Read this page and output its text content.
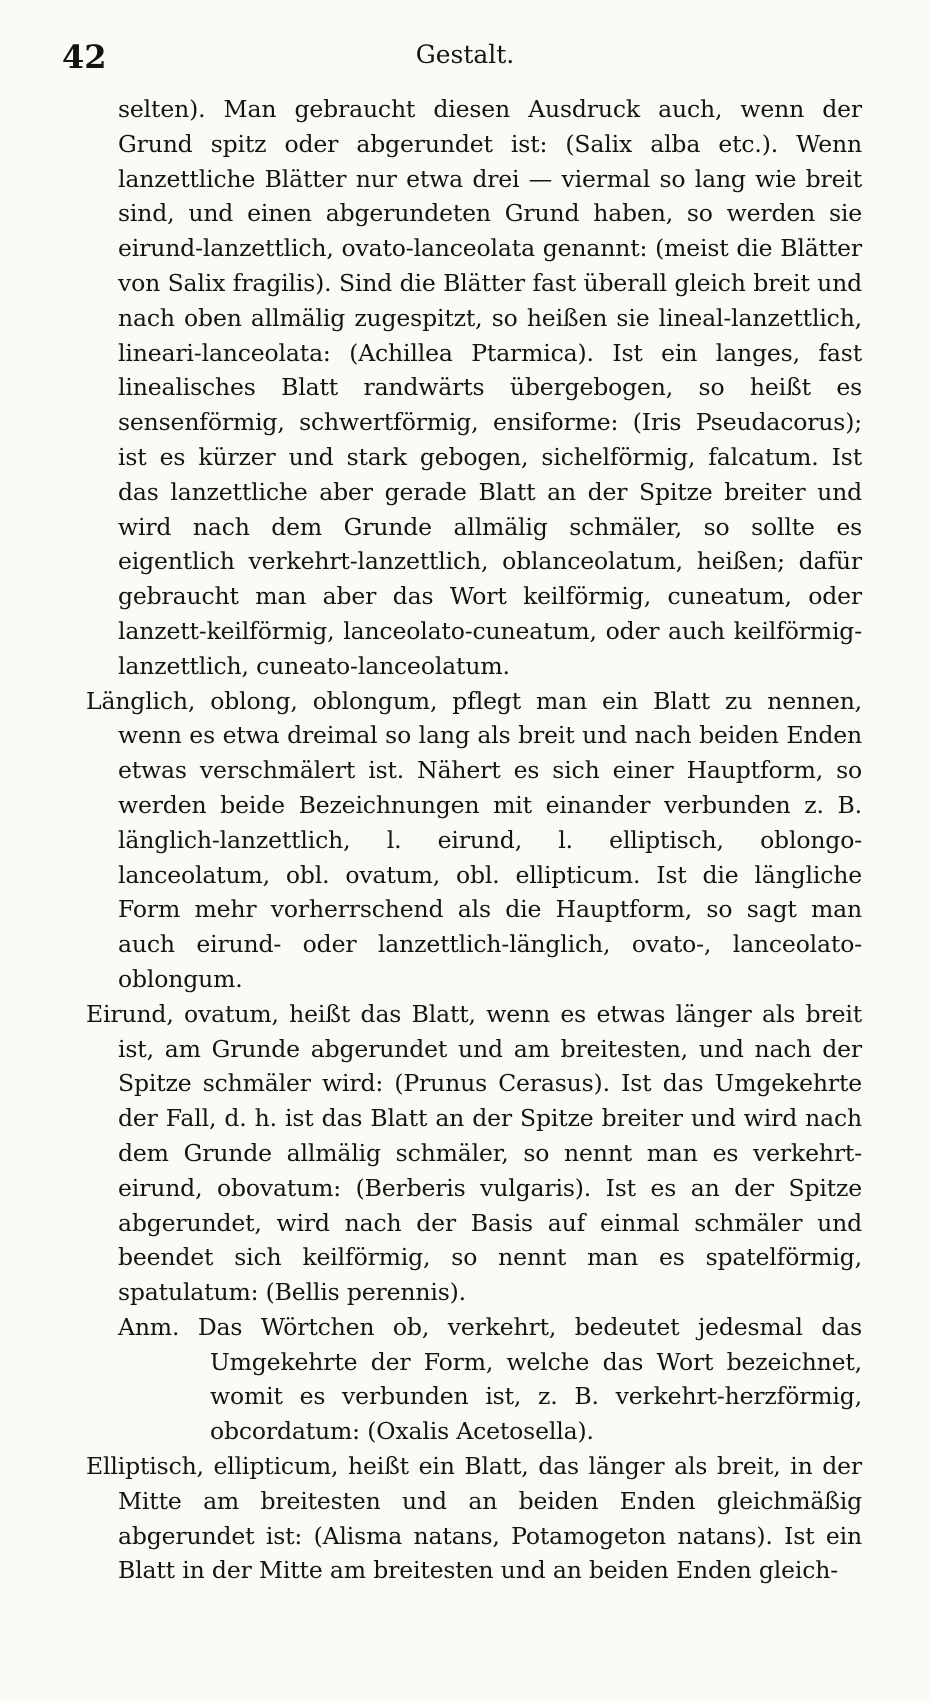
42	Gestalt.

selten). Man gebraucht diesen Ausdruck auch, wenn der Grund spitz oder abgerundet ist: (Salix alba etc.). Wenn lanzettliche Blätter nur etwa drei — viermal so lang wie breit sind, und einen abgerundeten Grund haben, so werden sie eirund-lanzettlich, ovato-lanceolata genannt: (meist die Blätter von Salix fragilis). Sind die Blätter fast überall gleich breit und nach oben allmälig zugespitzt, so heißen sie lineal-lanzettlich, lineari-lanceolata: (Achillea Ptarmica). Ist ein langes, fast linealisches Blatt randwärts übergebogen, so heißt es sensenförmig, schwertförmig, ensiforme: (Iris Pseudacorus); ist es kürzer und stark gebogen, sichelförmig, falcatum. Ist das lanzettliche aber gerade Blatt an der Spitze breiter und wird nach dem Grunde allmälig schmäler, so sollte es eigentlich verkehrt-lanzettlich, oblanceolatum, heißen; dafür gebraucht man aber das Wort keilförmig, cuneatum, oder lanzett-keilförmig, lanceolato-cuneatum, oder auch keilförmig-lanzettlich, cuneato-lanceolatum.

Länglich, oblong, oblongum, pflegt man ein Blatt zu nennen, wenn es etwa dreimal so lang als breit und nach beiden Enden etwas verschmälert ist. Nähert es sich einer Hauptform, so werden beide Bezeichnungen mit einander verbunden z. B. länglich-lanzettlich, l. eirund, l. elliptisch, oblongo-lanceolatum, obl. ovatum, obl. ellipticum. Ist die längliche Form mehr vorherrschend als die Hauptform, so sagt man auch eirund- oder lanzettlich-länglich, ovato-, lanceolato-oblongum.

Eirund, ovatum, heißt das Blatt, wenn es etwas länger als breit ist, am Grunde abgerundet und am breitesten, und nach der Spitze schmäler wird: (Prunus Cerasus). Ist das Umgekehrte der Fall, d. h. ist das Blatt an der Spitze breiter und wird nach dem Grunde allmälig schmäler, so nennt man es verkehrt-eirund, obovatum: (Berberis vulgaris). Ist es an der Spitze abgerundet, wird nach der Basis auf einmal schmäler und beendet sich keilförmig, so nennt man es spatelförmig, spatulatum: (Bellis perennis).

Anm. Das Wörtchen ob, verkehrt, bedeutet jedesmal das Umgekehrte der Form, welche das Wort bezeichnet, womit es verbunden ist, z. B. verkehrt-herzförmig, obcordatum: (Oxalis Acetosella).

Elliptisch, ellipticum, heißt ein Blatt, das länger als breit, in der Mitte am breitesten und an beiden Enden gleichmäßig abgerundet ist: (Alisma natans, Potamogeton natans). Ist ein Blatt in der Mitte am breitesten und an beiden Enden gleich-
